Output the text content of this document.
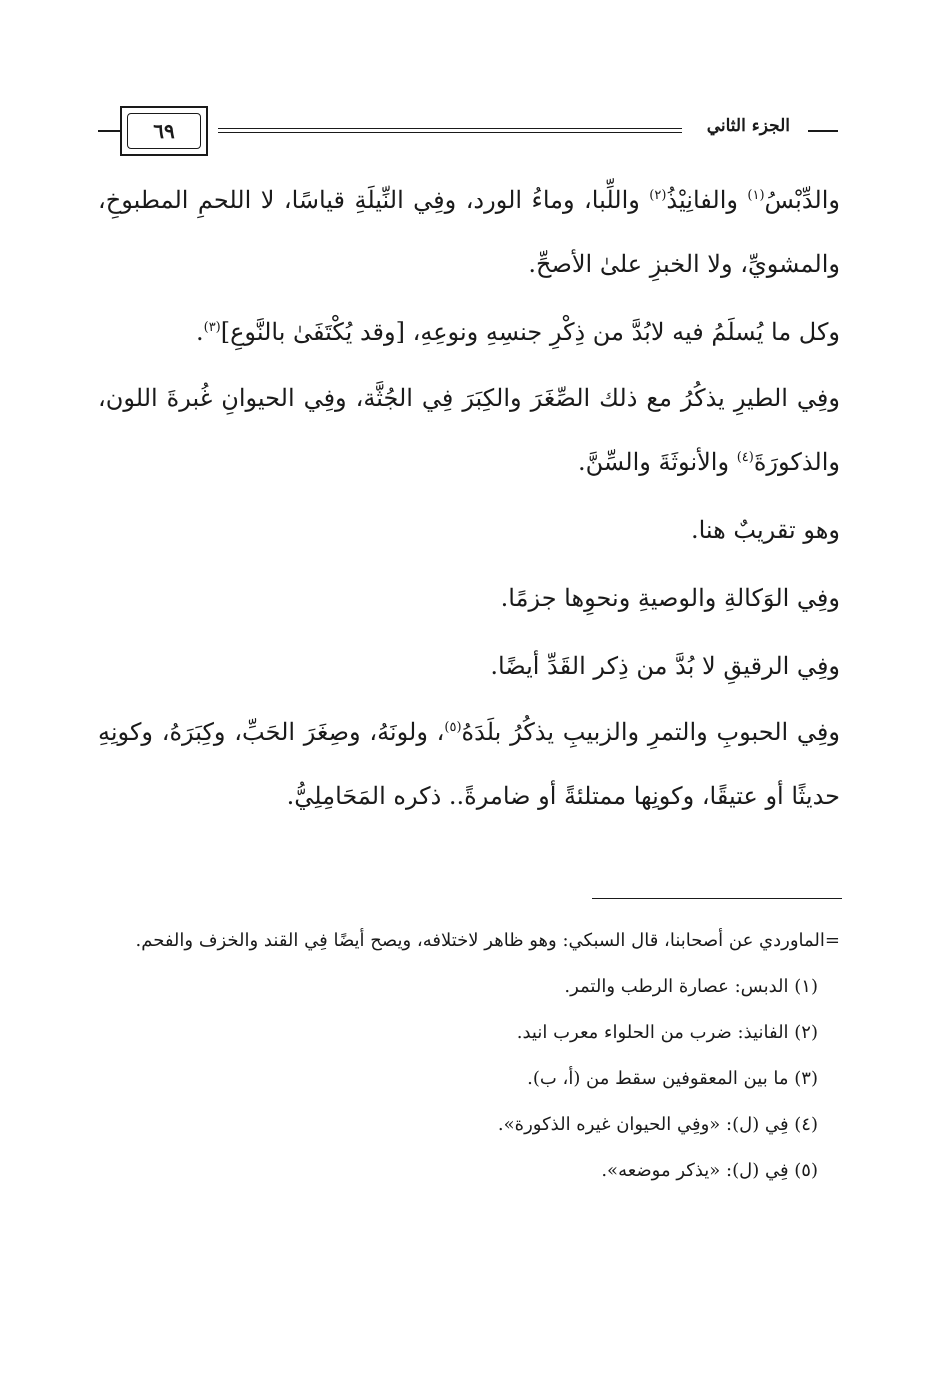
الجزء الثاني
٦٩

والدِّبْسُ$^{(١)}$ والفانِيْذُ$^{(٢)}$ واللِّبا، وماءُ الورد، وفِي النِّيلَةِ قياسًا، لا اللحمِ المطبوخِ، والمشويِّ، ولا الخبزِ علىٰ الأصحِّ.

وكل ما يُسلَمُ فيه لابُدَّ من ذِكْرِ جنسِهِ ونوعِهِ، [وقد يُكْتَفَىٰ بالنَّوعِ]$^{(٣)}$.

وفِي الطيرِ يذكُرُ مع ذلك الصِّغَرَ والكِبَرَ فِي الجُثَّة، وفِي الحيوانِ غُبرةَ اللون، والذكورَةَ$^{(٤)}$ والأنوثَةَ والسِّنَّ.

وهو تقريبٌ هنا.

وفِي الوَكالةِ والوصيةِ ونحوِها جزمًا.

وفِي الرقيقِ لا بُدَّ من ذِكر القَدِّ أيضًا.

وفِي الحبوبِ والتمرِ والزبيبِ يذكُرُ بلَدَهُ$^{(٥)}$، ولونَهُ، وصِغَرَ الحَبِّ، وكِبَرَهُ، وكونِهِ حديثًا أو عتيقًا، وكونِها ممتلئةً أو ضامرةً.. ذكره المَحَامِلِيُّ.

=الماوردي عن أصحابنا، قال السبكي: وهو ظاهر لاختلافه، ويصح أيضًا فِي القند والخزف والفحم.

(١) الدبس: عصارة الرطب والتمر.
(٢) الفانيذ: ضرب من الحلواء معرب انيد.
(٣) ما بين المعقوفين سقط من (أ، ب).
(٤) فِي (ل): «وفِي الحيوان غيره الذكورة».
(٥) فِي (ل): «يذكر موضعه».
